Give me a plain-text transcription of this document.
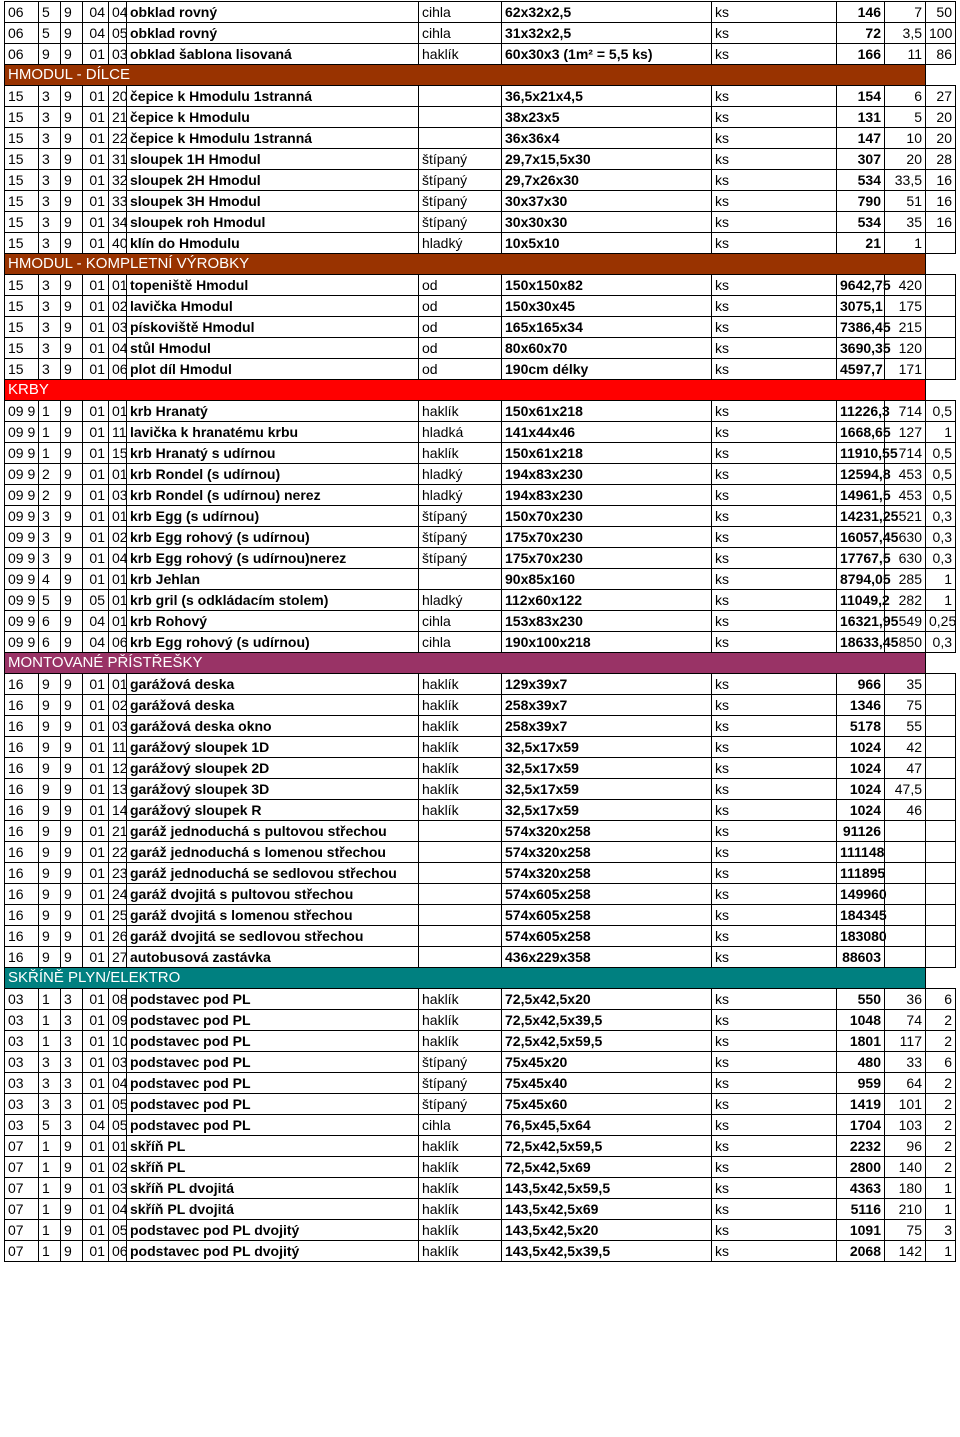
06	5	9	04	04	obklad rovný	cihla	62x32x2,5	ks	146	7	50
06	5	9	04	05	obklad rovný	cihla	31x32x2,5	ks	72	3,5	100
06	9	9	01	03	obklad šablona lisovaná	haklík	60x30x3 (1m² = 5,5 ks)	ks	166	11	86
HMODUL - DÍLCE											
15	3	9	01	20	čepice k Hmodulu 1stranná		36,5x21x4,5	ks	154	6	27
15	3	9	01	21	čepice k Hmodulu		38x23x5	ks	131	5	20
15	3	9	01	22	čepice k Hmodulu 1stranná		36x36x4	ks	147	10	20
15	3	9	01	31	sloupek 1H Hmodul	štípaný	29,7x15,5x30	ks	307	20	28
15	3	9	01	32	sloupek 2H Hmodul	štípaný	29,7x26x30	ks	534	33,5	16
15	3	9	01	33	sloupek 3H Hmodul	štípaný	30x37x30	ks	790	51	16
15	3	9	01	34	sloupek roh Hmodul	štípaný	30x30x30	ks	534	35	16
15	3	9	01	40	klín do Hmodulu	hladký	10x5x10	ks	21	1	
HMODUL - KOMPLETNÍ VÝROBKY											
15	3	9	01	01	topeniště Hmodul	od	150x150x82	ks	9642,75	420	
15	3	9	01	02	lavička Hmodul	od	150x30x45	ks	3075,1	175	
15	3	9	01	03	pískoviště Hmodul	od	165x165x34	ks	7386,45	215	
15	3	9	01	04	stůl Hmodul	od	80x60x70	ks	3690,35	120	
15	3	9	01	06	plot díl Hmodul	od	190cm délky	ks	4597,7	171	
KRBY											
09 9	1	9	01	01	krb Hranatý	haklík	150x61x218	ks	11226,3	714	0,5
09 9	1	9	01	11	lavička k hranatému krbu	hladká	141x44x46	ks	1668,65	127	1
09 9	1	9	01	15	krb Hranatý s udírnou	haklík	150x61x218	ks	11910,55	714	0,5
09 9	2	9	01	01	krb Rondel (s udírnou)	hladký	194x83x230	ks	12594,8	453	0,5
09 9	2	9	01	03	krb Rondel (s udírnou) nerez	hladký	194x83x230	ks	14961,5	453	0,5
09 9	3	9	01	01	krb Egg (s udírnou)	štípaný	150x70x230	ks	14231,25	521	0,3
09 9	3	9	01	02	krb Egg rohový (s udírnou)	štípaný	175x70x230	ks	16057,45	630	0,3
09 9	3	9	01	04	krb Egg rohový (s udírnou)nerez	štípaný	175x70x230	ks	17767,5	630	0,3
09 9	4	9	01	01	krb Jehlan		90x85x160	ks	8794,05	285	1
09 9	5	9	05	01	krb gril (s odkládacím stolem)	hladký	112x60x122	ks	11049,2	282	1
09 9	6	9	04	01	krb Rohový	cihla	153x83x230	ks	16321,95	549	0,25
09 9	6	9	04	06	krb Egg rohový (s udírnou)	cihla	190x100x218	ks	18633,45	850	0,3
MONTOVANÉ PŘÍSTŘEŠKY											
16	9	9	01	01	garážová deska	haklík	129x39x7	ks	966	35	
16	9	9	01	02	garážová deska	haklík	258x39x7	ks	1346	75	
16	9	9	01	03	garážová deska okno	haklík	258x39x7	ks	5178	55	
16	9	9	01	11	garážový sloupek 1D	haklík	32,5x17x59	ks	1024	42	
16	9	9	01	12	garážový sloupek 2D	haklík	32,5x17x59	ks	1024	47	
16	9	9	01	13	garážový sloupek 3D	haklík	32,5x17x59	ks	1024	47,5	
16	9	9	01	14	garážový sloupek R	haklík	32,5x17x59	ks	1024	46	
16	9	9	01	21	garáž jednoduchá s pultovou střechou		574x320x258	ks	91126		
16	9	9	01	22	garáž jednoduchá s lomenou střechou		574x320x258	ks	111148		
16	9	9	01	23	garáž jednoduchá se sedlovou střechou		574x320x258	ks	111895		
16	9	9	01	24	garáž dvojitá s pultovou střechou		574x605x258	ks	149960		
16	9	9	01	25	garáž dvojitá s lomenou střechou		574x605x258	ks	184345		
16	9	9	01	26	garáž dvojitá se sedlovou střechou		574x605x258	ks	183080		
16	9	9	01	27	autobusová zastávka		436x229x358	ks	88603		
SKŘÍNĚ PLYN/ELEKTRO											
03	1	3	01	08	podstavec pod PL	haklík	72,5x42,5x20	ks	550	36	6
03	1	3	01	09	podstavec pod PL	haklík	72,5x42,5x39,5	ks	1048	74	2
03	1	3	01	10	podstavec pod PL	haklík	72,5x42,5x59,5	ks	1801	117	2
03	3	3	01	03	podstavec pod PL	štípaný	75x45x20	ks	480	33	6
03	3	3	01	04	podstavec pod PL	štípaný	75x45x40	ks	959	64	2
03	3	3	01	05	podstavec pod PL	štípaný	75x45x60	ks	1419	101	2
03	5	3	04	05	podstavec pod PL	cihla	76,5x45,5x64	ks	1704	103	2
07	1	9	01	01	skříň PL	haklík	72,5x42,5x59,5	ks	2232	96	2
07	1	9	01	02	skříň PL	haklík	72,5x42,5x69	ks	2800	140	2
07	1	9	01	03	skříň PL dvojitá	haklík	143,5x42,5x59,5	ks	4363	180	1
07	1	9	01	04	skříň PL dvojitá	haklík	143,5x42,5x69	ks	5116	210	1
07	1	9	01	05	podstavec pod PL dvojitý	haklík	143,5x42,5x20	ks	1091	75	3
07	1	9	01	06	podstavec pod PL dvojitý	haklík	143,5x42,5x39,5	ks	2068	142	1
